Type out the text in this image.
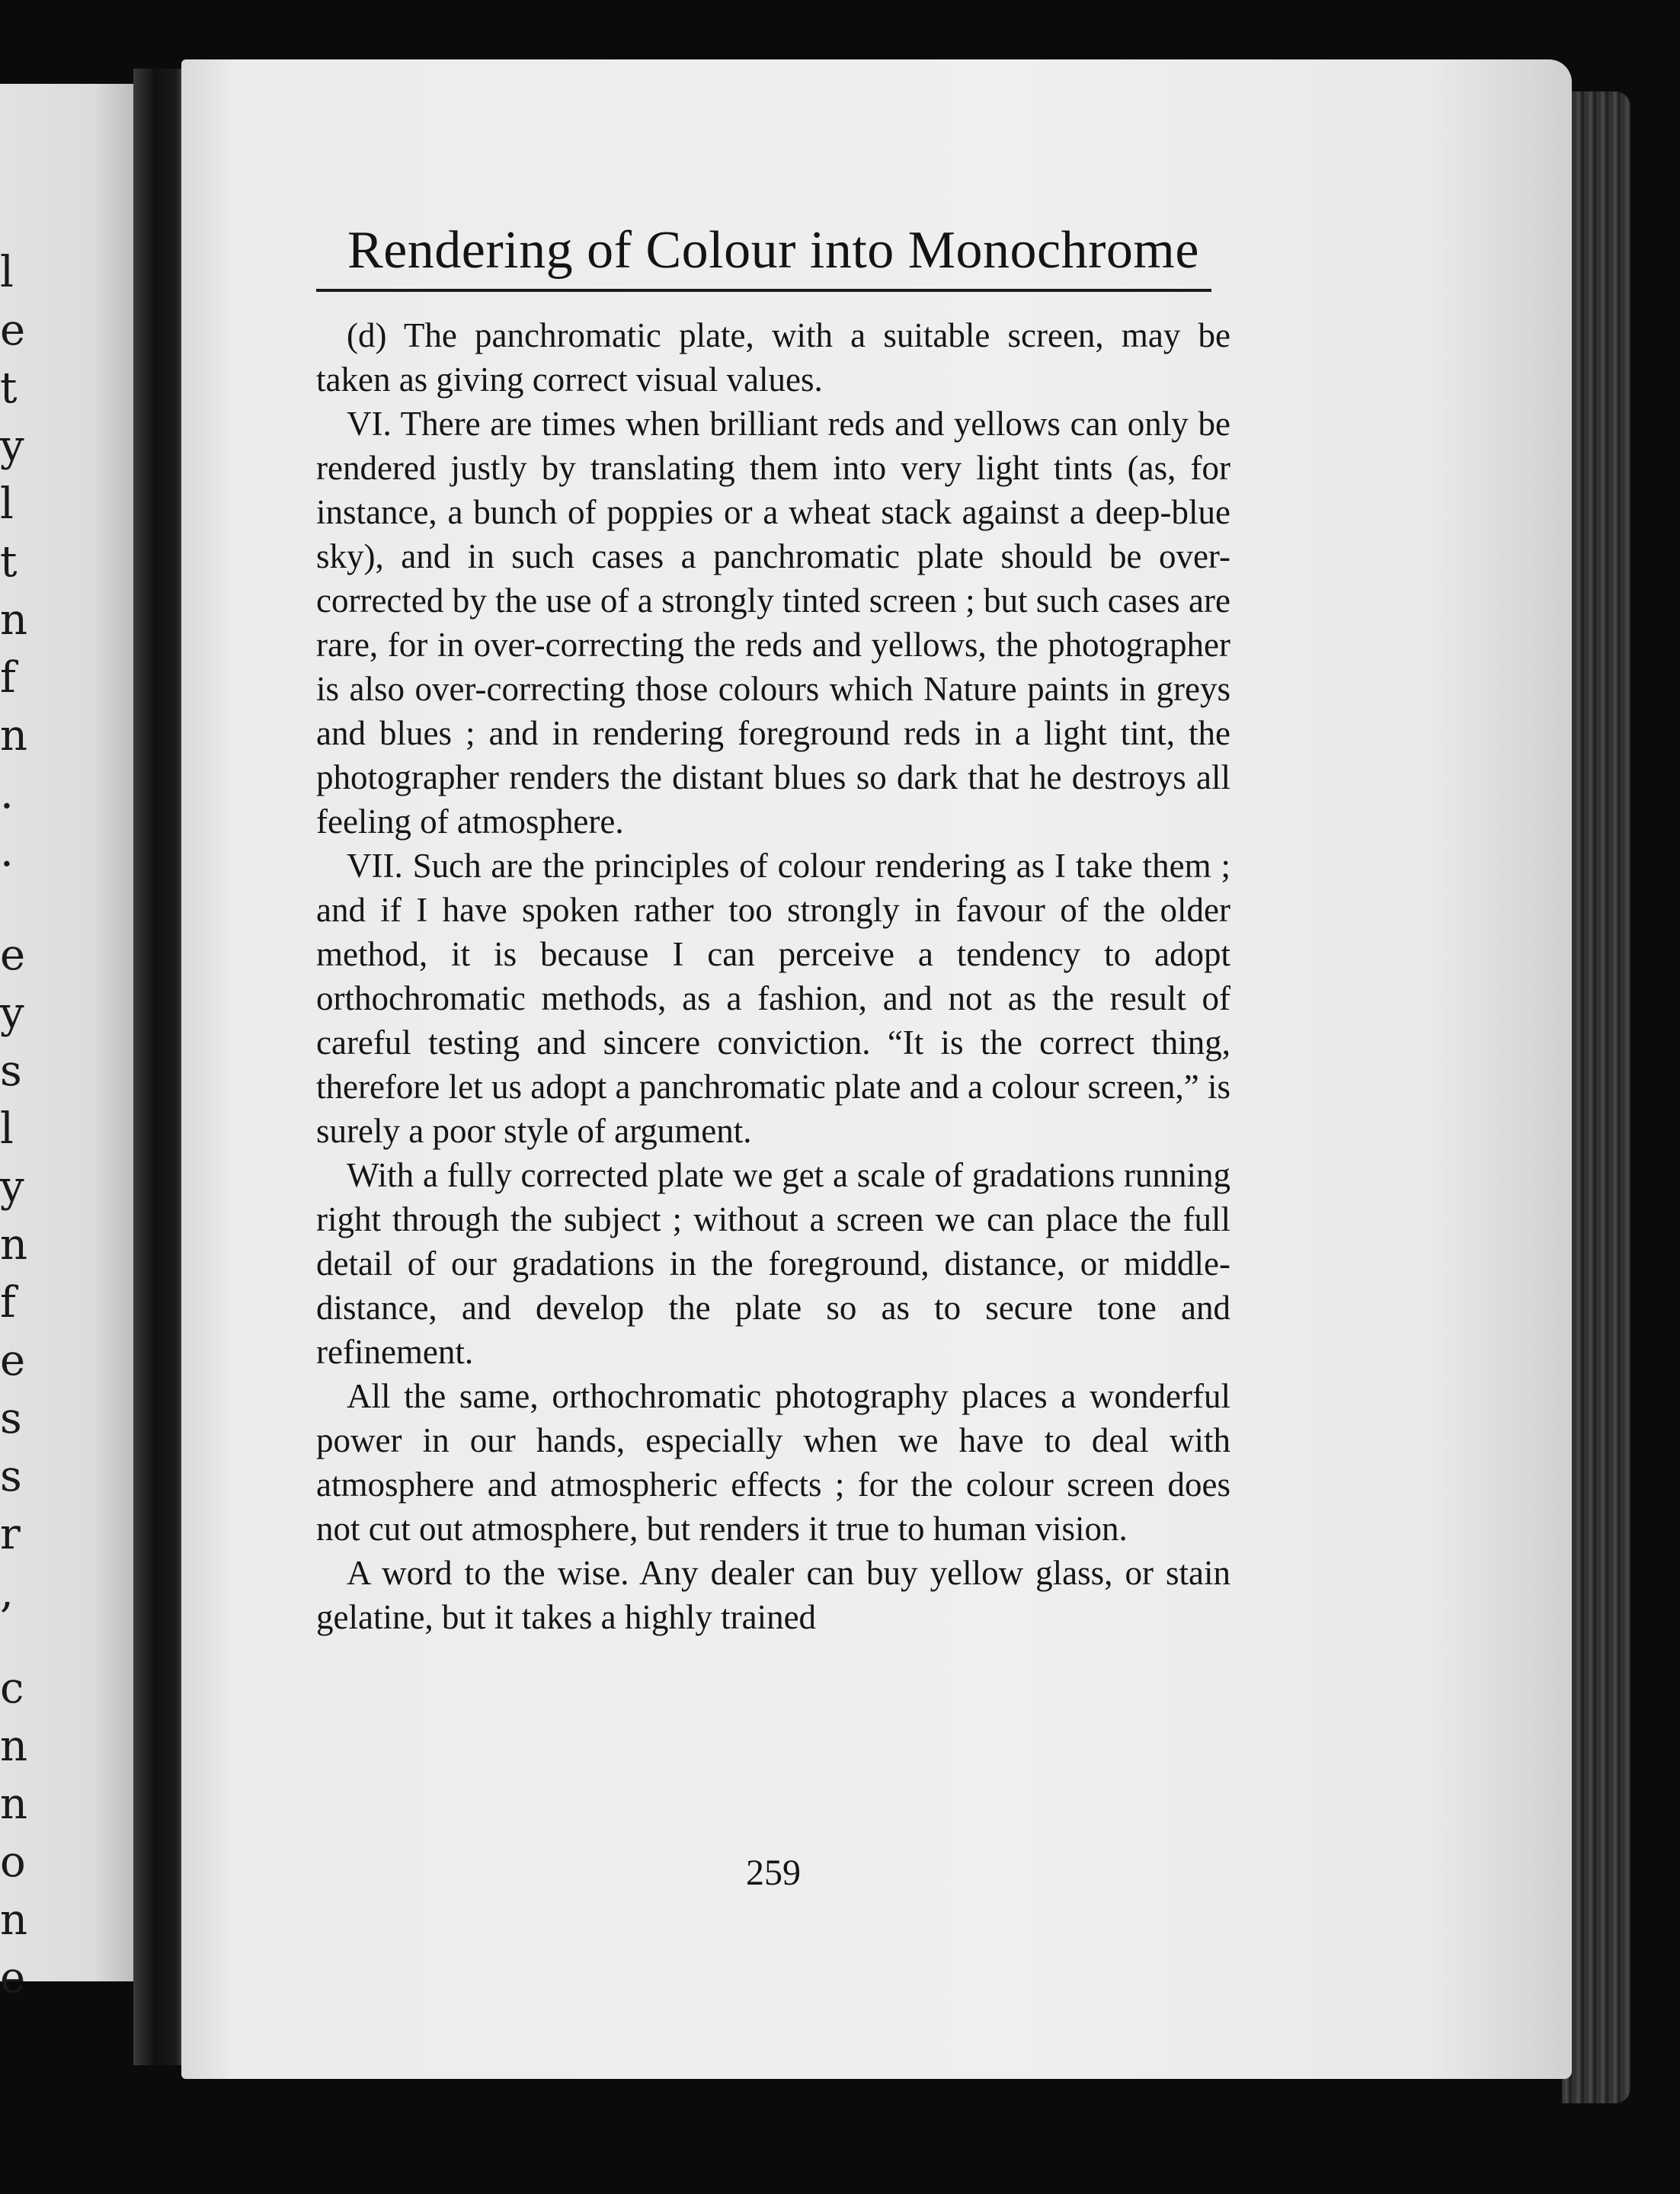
l
e
t
y
l
t
n
f
n
.
.
e
y
s
l
y
n
f
e
s
s
r
,
c
n
n
o
n
e
Rendering of Colour into Monochrome

(d) The panchromatic plate, with a suitable screen, may be taken as giving correct visual values.

VI. There are times when brilliant reds and yellows can only be rendered justly by translating them into very light tints (as, for instance, a bunch of poppies or a wheat stack against a deep-blue sky), and in such cases a panchromatic plate should be over-corrected by the use of a strongly tinted screen ; but such cases are rare, for in over-correcting the reds and yellows, the photographer is also over-correcting those colours which Nature paints in greys and blues ; and in rendering foreground reds in a light tint, the photographer renders the distant blues so dark that he destroys all feeling of atmosphere.

VII. Such are the principles of colour rendering as I take them ; and if I have spoken rather too strongly in favour of the older method, it is because I can perceive a tendency to adopt orthochromatic methods, as a fashion, and not as the result of careful testing and sincere conviction. “It is the correct thing, therefore let us adopt a panchromatic plate and a colour screen,” is surely a poor style of argument.

With a fully corrected plate we get a scale of gradations running right through the subject ; without a screen we can place the full detail of our gradations in the foreground, distance, or middle-distance, and develop the plate so as to secure tone and refinement.

All the same, orthochromatic photography places a wonderful power in our hands, especially when we have to deal with atmosphere and atmospheric effects ; for the colour screen does not cut out atmosphere, but renders it true to human vision.

A word to the wise. Any dealer can buy yellow glass, or stain gelatine, but it takes a highly trained

259
